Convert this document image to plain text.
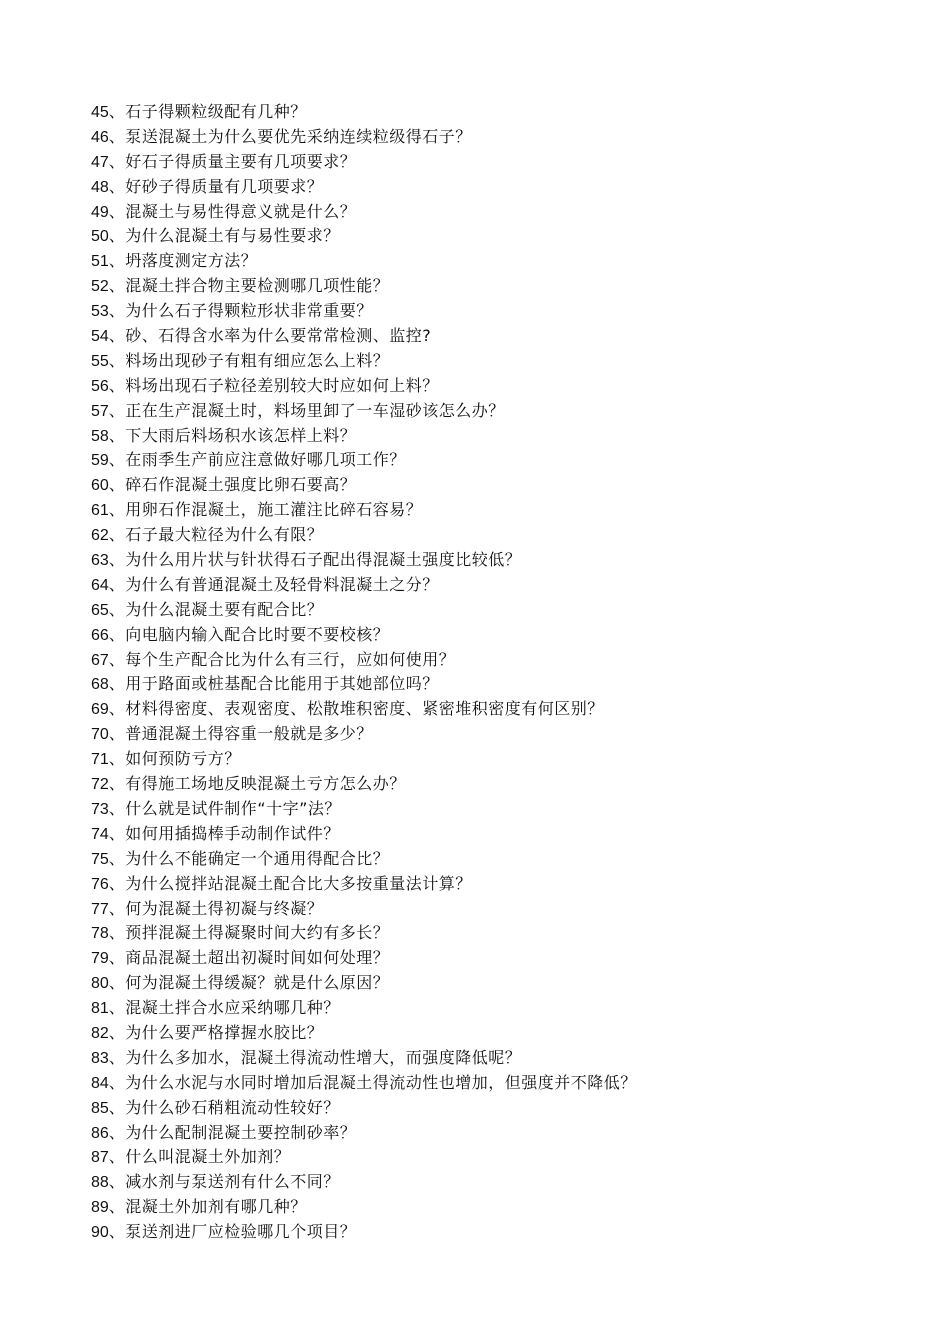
45、石子得颗粒级配有几种？
46、泵送混凝土为什么要优先采纳连续粒级得石子？
47、好石子得质量主要有几项要求？
48、好砂子得质量有几项要求？
49、混凝土与易性得意义就是什么？
50、为什么混凝土有与易性要求？
51、坍落度测定方法？
52、混凝土拌合物主要检测哪几项性能？
53、为什么石子得颗粒形状非常重要？
54、砂、石得含水率为什么要常常检测、监控?
55、料场出现砂子有粗有细应怎么上料？
56、料场出现石子粒径差别较大时应如何上料？
57、正在生产混凝土时，料场里卸了一车湿砂该怎么办？
58、下大雨后料场积水该怎样上料？
59、在雨季生产前应注意做好哪几项工作？
60、碎石作混凝土强度比卵石要高？
61、用卵石作混凝土，施工灌注比碎石容易？
62、石子最大粒径为什么有限？
63、为什么用片状与针状得石子配出得混凝土强度比较低？
64、为什么有普通混凝土及轻骨料混凝土之分？
65、为什么混凝土要有配合比？
66、向电脑内输入配合比时要不要校核？
67、每个生产配合比为什么有三行，应如何使用？
68、用于路面或桩基配合比能用于其她部位吗？
69、材料得密度、表观密度、松散堆积密度、紧密堆积密度有何区别？
70、普通混凝土得容重一般就是多少？
71、如何预防亏方？
72、有得施工场地反映混凝土亏方怎么办？
73、什么就是试件制作“十字”法？
74、如何用插捣棒手动制作试件？
75、为什么不能确定一个通用得配合比？
76、为什么搅拌站混凝土配合比大多按重量法计算？
77、何为混凝土得初凝与终凝？
78、预拌混凝土得凝聚时间大约有多长？
79、商品混凝土超出初凝时间如何处理？
80、何为混凝土得缓凝？就是什么原因？
81、混凝土拌合水应采纳哪几种？
82、为什么要严格撑握水胶比？
83、为什么多加水，混凝土得流动性增大，而强度降低呢？
84、为什么水泥与水同时增加后混凝土得流动性也增加，但强度并不降低？
85、为什么砂石稍粗流动性较好？
86、为什么配制混凝土要控制砂率？
87、什么叫混凝土外加剂？
88、减水剂与泵送剂有什么不同？
89、混凝土外加剂有哪几种？
90、泵送剂进厂应检验哪几个项目？
